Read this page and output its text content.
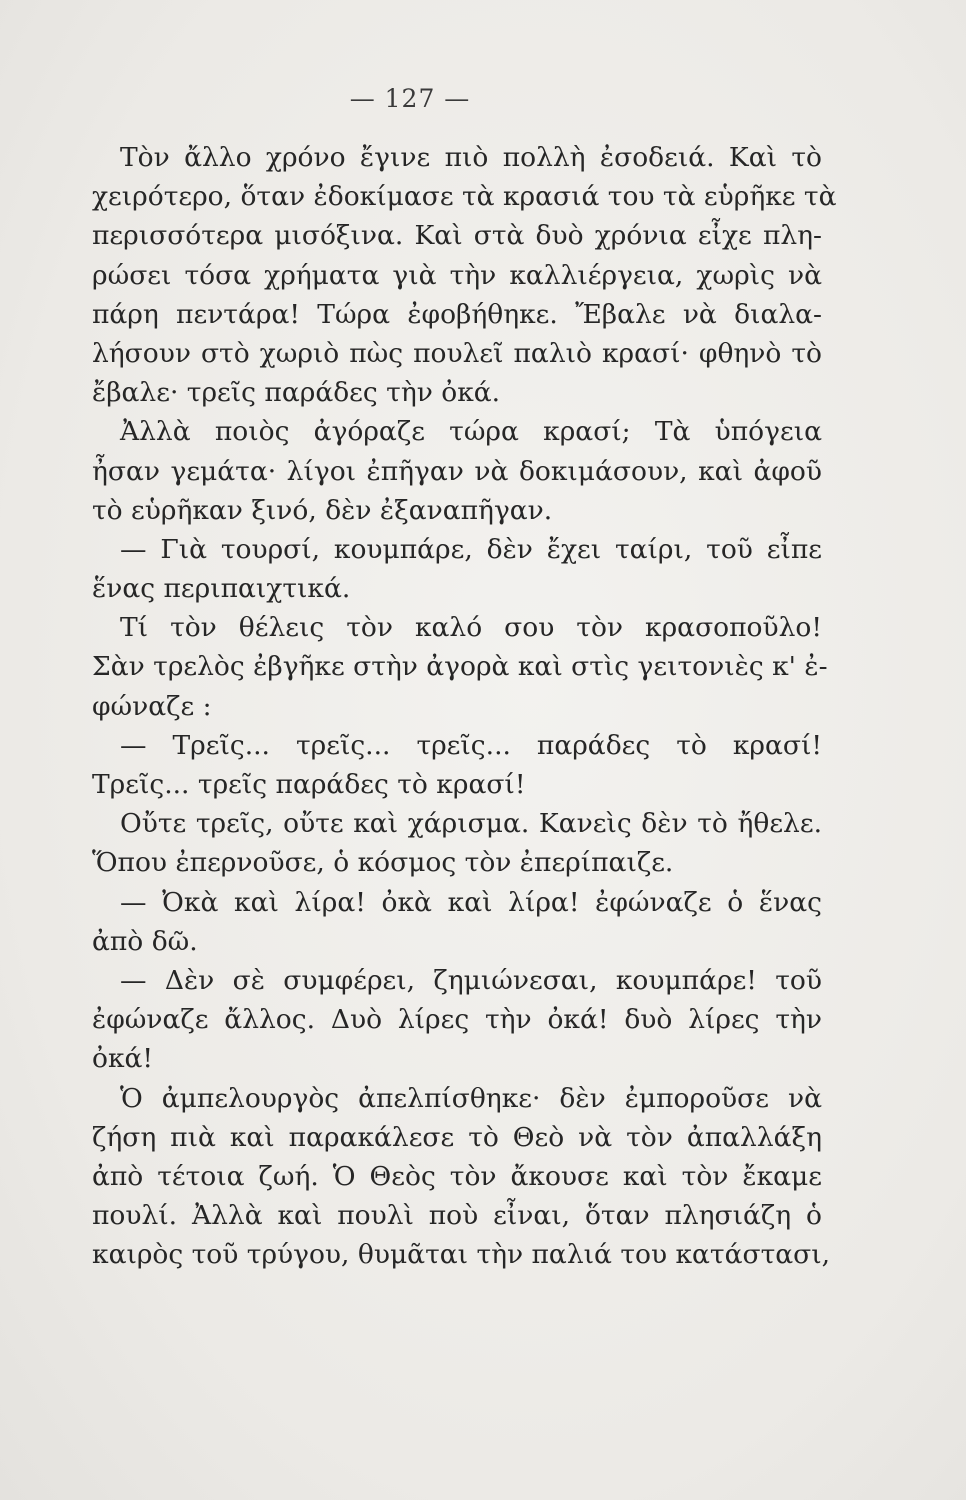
— 127 —
Τὸν ἄλλο χρόνο ἔγινε πιὸ πολλὴ ἐσοδειά. Καὶ τὸ
χειρότερο, ὅταν ἐδοκίμασε τὰ κρασιά του τὰ εὑρῆκε τὰ
περισσότερα μισόξινα. Καὶ στὰ δυὸ χρόνια εἶχε πλη-
ρώσει τόσα χρήματα γιὰ τὴν καλλιέργεια, χωρὶς νὰ
πάρη πεντάρα! Τώρα ἐφοβήθηκε. Ἔβαλε νὰ διαλα-
λήσουν στὸ χωριὸ πὼς πουλεῖ παλιὸ κρασί· φθηνὸ τὸ
ἔβαλε· τρεῖς παράδες τὴν ὀκά.
Ἀλλὰ ποιὸς ἀγόραζε τώρα κρασί; Τὰ ὑπόγεια
ἦσαν γεμάτα· λίγοι ἐπῆγαν νὰ δοκιμάσουν, καὶ ἀφοῦ
τὸ εὑρῆκαν ξινό, δὲν ἐξαναπῆγαν.
— Γιὰ τουρσί, κουμπάρε, δὲν ἔχει ταίρι, τοῦ εἶπε
ἕνας περιπαιχτικά.
Τί τὸν θέλεις τὸν καλό σου τὸν κρασοποῦλο!
Σὰν τρελὸς ἐβγῆκε στὴν ἀγορὰ καὶ στὶς γειτονιὲς κ' ἐ-
φώναζε :
— Τρεῖς... τρεῖς... τρεῖς... παράδες τὸ κρασί!
Τρεῖς... τρεῖς παράδες τὸ κρασί!
Οὔτε τρεῖς, οὔτε καὶ χάρισμα. Κανεὶς δὲν τὸ ἤθελε.
Ὅπου ἐπερνοῦσε, ὁ κόσμος τὸν ἐπερίπαιζε.
— Ὀκὰ καὶ λίρα! ὀκὰ καὶ λίρα! ἐφώναζε ὁ ἕνας
ἀπὸ δῶ.
— Δὲν σὲ συμφέρει, ζημιώνεσαι, κουμπάρε! τοῦ
ἐφώναζε ἄλλος. Δυὸ λίρες τὴν ὀκά! δυὸ λίρες τὴν
ὀκά!
Ὁ ἀμπελουργὸς ἀπελπίσθηκε· δὲν ἐμποροῦσε νὰ
ζήση πιὰ καὶ παρακάλεσε τὸ Θεὸ νὰ τὸν ἀπαλλάξη
ἀπὸ τέτοια ζωή. Ὁ Θεὸς τὸν ἄκουσε καὶ τὸν ἔκαμε
πουλί. Ἀλλὰ καὶ πουλὶ ποὺ εἶναι, ὅταν πλησιάζη ὁ
καιρὸς τοῦ τρύγου, θυμᾶται τὴν παλιά του κατάστασι,
